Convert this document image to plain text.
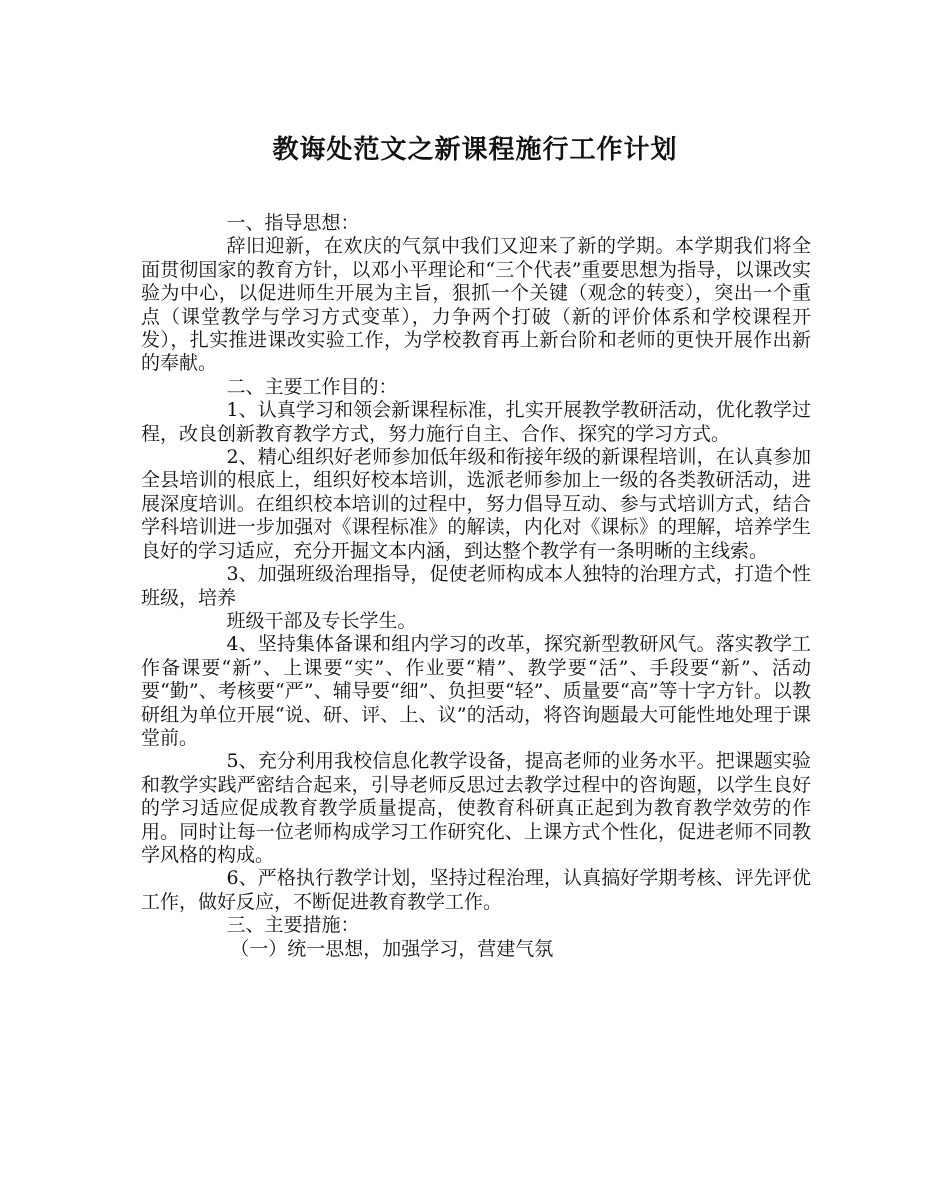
教诲处范文之新课程施行工作计划

一、指导思想：

辞旧迎新，在欢庆的气氛中我们又迎来了新的学期。本学期我们将全面贯彻国家的教育方针，以邓小平理论和“三个代表”重要思想为指导，以课改实验为中心，以促进师生开展为主旨，狠抓一个关键（观念的转变），突出一个重点（课堂教学与学习方式变革），力争两个打破（新的评价体系和学校课程开发），扎实推进课改实验工作，为学校教育再上新台阶和老师的更快开展作出新的奉献。

二、主要工作目的：

1、认真学习和领会新课程标准，扎实开展教学教研活动，优化教学过程，改良创新教育教学方式，努力施行自主、合作、探究的学习方式。

2、精心组织好老师参加低年级和衔接年级的新课程培训，在认真参加全县培训的根底上，组织好校本培训，选派老师参加上一级的各类教研活动，进展深度培训。在组织校本培训的过程中，努力倡导互动、参与式培训方式，结合学科培训进一步加强对《课程标准》的解读，内化对《课标》的理解，培养学生良好的学习适应，充分开掘文本内涵，到达整个教学有一条明晰的主线索。

3、加强班级治理指导，促使老师构成本人独特的治理方式，打造个性班级，培养

班级干部及专长学生。

4、坚持集体备课和组内学习的改革，探究新型教研风气。落实教学工作备课要“新”、上课要“实”、作业要“精”、教学要“活”、手段要“新”、活动要“勤”、考核要“严”、辅导要“细”、负担要“轻”、质量要“高”等十字方针。以教研组为单位开展“说、研、评、上、议”的活动，将咨询题最大可能性地处理于课堂前。

5、充分利用我校信息化教学设备，提高老师的业务水平。把课题实验和教学实践严密结合起来，引导老师反思过去教学过程中的咨询题，以学生良好的学习适应促成教育教学质量提高，使教育科研真正起到为教育教学效劳的作用。同时让每一位老师构成学习工作研究化、上课方式个性化，促进老师不同教学风格的构成。

6、严格执行教学计划，坚持过程治理，认真搞好学期考核、评先评优工作，做好反应，不断促进教育教学工作。

三、主要措施：

（一）统一思想，加强学习，营建气氛
